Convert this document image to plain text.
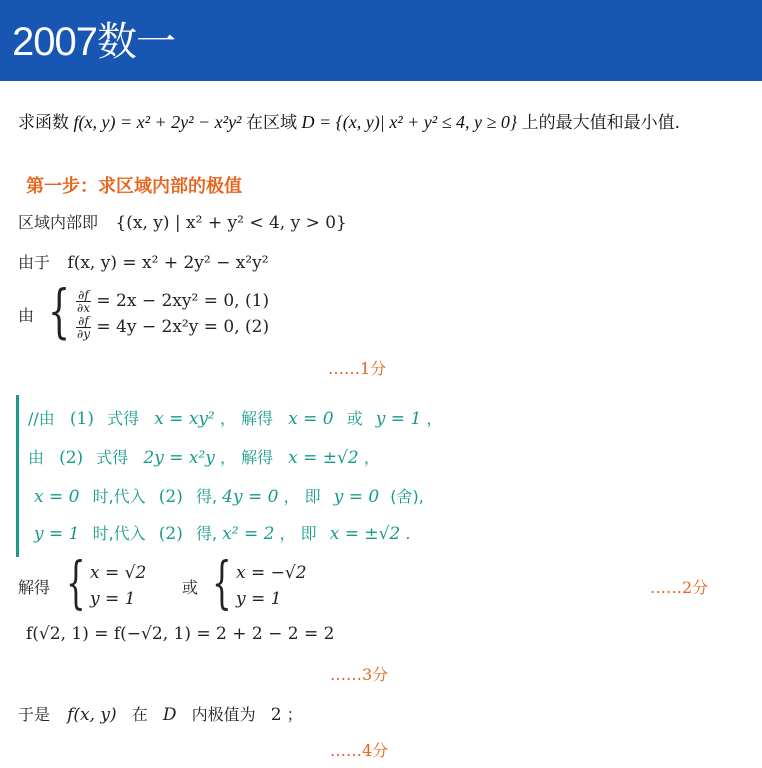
2007数一
求函数 f(x, y) = x² + 2y² − x²y² 在区域 D = {(x, y)| x² + y² ≤ 4, y ≥ 0} 上的最大值和最小值.
第一步：求区域内部的极值
区域内部即 {(x, y) | x² + y² < 4, y > 0}
由于 f(x, y) = x² + 2y² − x²y²
由 { $\frac{\partial f}{\partial x} = 2x - 2xy^2 = 0$, (1)
$\frac{\partial f}{\partial y} = 4y - 2x^2y = 0$, (2)
……1分
//由 (1) 式得 x = xy² ， 解得 x = 0 或 y = 1 ，
由 (2) 式得 2y = x²y ， 解得 x = ±√2 ，
x = 0 时,代入 (2) 得, 4y = 0 ， 即 y = 0 (舍),
y = 1 时,代入 (2) 得, x² = 2 ， 即 x = ±√2 .
解得 { x = √2
y = 1
或 { x = −√2
y = 1
……2分
f(√2, 1) = f(−√2, 1) = 2 + 2 − 2 = 2
……3分
于是 f(x, y) 在 D 内极值为 2 ；
……4分
